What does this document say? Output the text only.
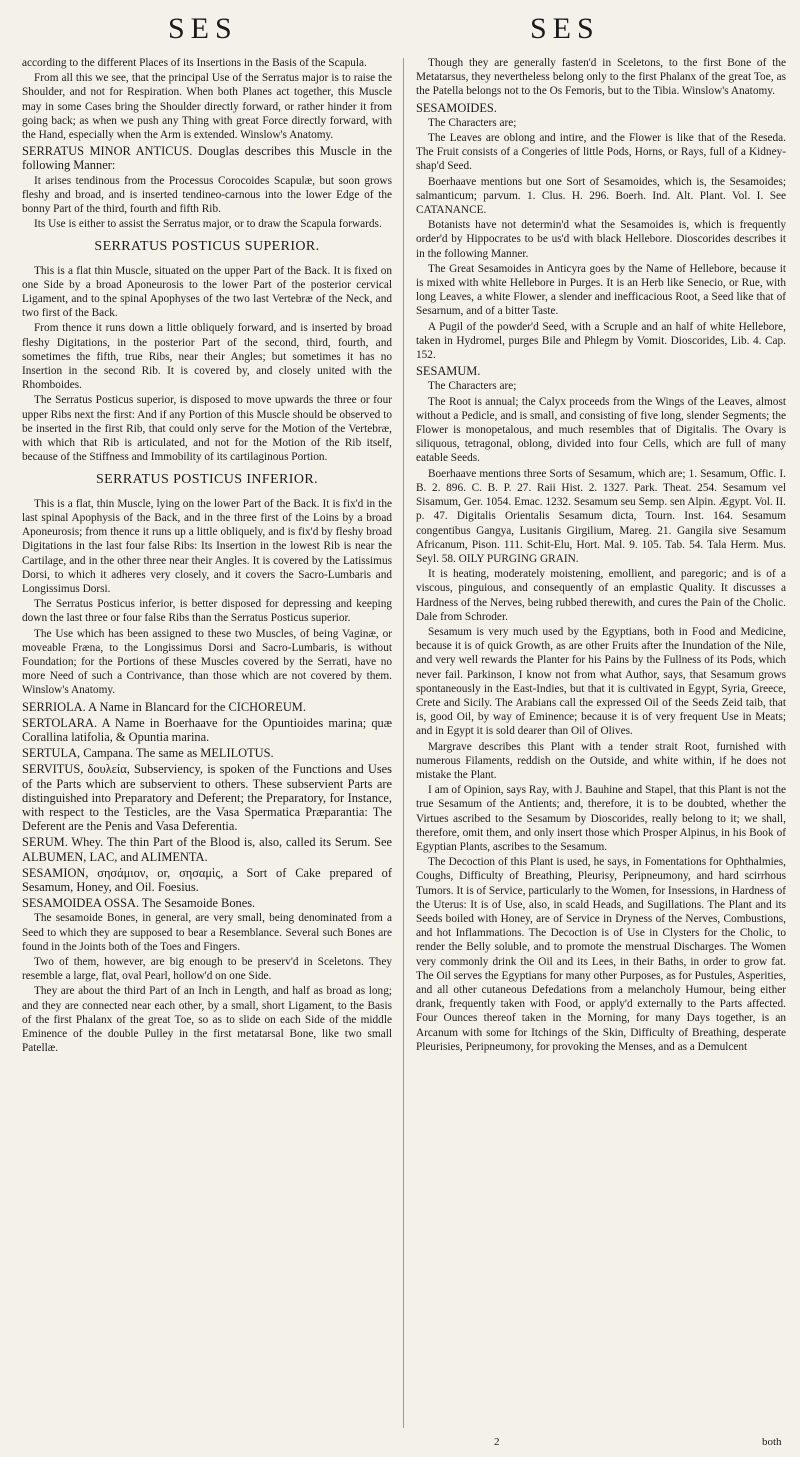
SES	SES

according to the different Places of its Insertions in the Basis of the Scapula.

From all this we see, that the principal Use of the Serratus major is to raise the Shoulder, and not for Respiration. When both Planes act together, this Muscle may in some Cases bring the Shoulder directly forward, or rather hinder it from going back; as when we push any Thing with great Force directly forward, with the Hand, especially when the Arm is extended. Winslow's Anatomy.

SERRATUS MINOR ANTICUS. Douglas describes this Muscle in the following Manner:

It arises tendinous from the Processus Corocoides Scapulæ, but soon grows fleshy and broad, and is inserted tendineo-carnous into the lower Edge of the bonny Part of the third, fourth and fifth Rib.

Its Use is either to assist the Serratus major, or to draw the Scapula forwards.

SERRATUS POSTICUS SUPERIOR.

This is a flat thin Muscle, situated on the upper Part of the Back. It is fixed on one Side by a broad Aponeurosis to the lower Part of the posterior cervical Ligament, and to the spinal Apophyses of the two last Vertebræ of the Neck, and two first of the Back.

From thence it runs down a little obliquely forward, and is inserted by broad fleshy Digitations, in the posterior Part of the second, third, fourth, and sometimes the fifth, true Ribs, near their Angles; but sometimes it has no Insertion in the second Rib. It is covered by, and closely united with the Rhomboides.

The Serratus Posticus superior, is disposed to move upwards the three or four upper Ribs next the first: And if any Portion of this Muscle should be observed to be inserted in the first Rib, that could only serve for the Motion of the Vertebræ, with which that Rib is articulated, and not for the Motion of the Rib itself, because of the Stiffness and Immobility of its cartilaginous Portion.

SERRATUS POSTICUS INFERIOR.

This is a flat, thin Muscle, lying on the lower Part of the Back. It is fix'd in the last spinal Apophysis of the Back, and in the three first of the Loins by a broad Aponeurosis; from thence it runs up a little obliquely, and is fix'd by fleshy broad Digitations in the last four false Ribs: Its Insertion in the lowest Rib is near the Cartilage, and in the other three near their Angles. It is covered by the Latissimus Dorsi, to which it adheres very closely, and it covers the Sacro-Lumbaris and Longissimus Dorsi.

The Serratus Posticus inferior, is better disposed for depressing and keeping down the last three or four false Ribs than the Serratus Posticus superior.

The Use which has been assigned to these two Muscles, of being Vaginæ, or moveable Fræna, to the Longissimus Dorsi and Sacro-Lumbaris, is without Foundation; for the Portions of these Muscles covered by the Serrati, have no more Need of such a Contrivance, than those which are not covered by them. Winslow's Anatomy.

SERRIOLA. A Name in Blancard for the CICHOREUM.

SERTOLARA. A Name in Boerhaave for the Opuntioides marina; quæ Corallina latifolia, & Opuntia marina.

SERTULA, Campana. The same as MELILOTUS.

SERVITUS, δουλεία, Subserviency, is spoken of the Functions and Uses of the Parts which are subservient to others. These subservient Parts are distinguished into Preparatory and Deferent; the Preparatory, for Instance, with respect to the Testicles, are the Vasa Spermatica Præparantia: The Deferent are the Penis and Vasa Deferentia.

SERUM. Whey. The thin Part of the Blood is, also, called its Serum. See ALBUMEN, LAC, and ALIMENTA.

SESAMION, σησάμιον, or, σησαμὶς, a Sort of Cake prepared of Sesamum, Honey, and Oil. Foesius.

SESAMOIDEA OSSA. The Sesamoide Bones.

The sesamoide Bones, in general, are very small, being denominated from a Seed to which they are supposed to bear a Resemblance. Several such Bones are found in the Joints both of the Toes and Fingers.

Two of them, however, are big enough to be preserv'd in Sceletons. They resemble a large, flat, oval Pearl, hollow'd on one Side.

They are about the third Part of an Inch in Length, and half as broad as long; and they are connected near each other, by a small, short Ligament, to the Basis of the first Phalanx of the great Toe, so as to slide on each Side of the middle Eminence of the double Pulley in the first metatarsal Bone, like two small Patellæ.

Though they are generally fasten'd in Sceletons, to the first Bone of the Metatarsus, they nevertheless belong only to the first Phalanx of the great Toe, as the Patella belongs not to the Os Femoris, but to the Tibia. Winslow's Anatomy.

SESAMOIDES.

The Characters are;

The Leaves are oblong and intire, and the Flower is like that of the Reseda. The Fruit consists of a Congeries of little Pods, Horns, or Rays, full of a Kidney-shap'd Seed.

Boerhaave mentions but one Sort of Sesamoides, which is, the Sesamoides; salmanticum; parvum. 1. Clus. H. 296. Boerh. Ind. Alt. Plant. Vol. I. See CATANANCE.

Botanists have not determin'd what the Sesamoides is, which is frequently order'd by Hippocrates to be us'd with black Hellebore. Dioscorides describes it in the following Manner.

The Great Sesamoides in Anticyra goes by the Name of Hellebore, because it is mixed with white Hellebore in Purges. It is an Herb like Senecio, or Rue, with long Leaves, a white Flower, a slender and inefficacious Root, a Seed like that of Sesarnum, and of a bitter Taste.

A Pugil of the powder'd Seed, with a Scruple and an half of white Hellebore, taken in Hydromel, purges Bile and Phlegm by Vomit. Dioscorides, Lib. 4. Cap. 152.

SESAMUM.

The Characters are;

The Root is annual; the Calyx proceeds from the Wings of the Leaves, almost without a Pedicle, and is small, and consisting of five long, slender Segments; the Flower is monopetalous, and much resembles that of Digitalis. The Ovary is siliquous, tetragonal, oblong, divided into four Cells, which are full of many eatable Seeds.

Boerhaave mentions three Sorts of Sesamum, which are; 1. Sesamum, Offic. I. B. 2. 896. C. B. P. 27. Raii Hist. 2. 1327. Park. Theat. 254. Sesamum vel Sisamum, Ger. 1054. Emac. 1232. Sesamum seu Semp. sen Alpin. Ægypt. Vol. II. p. 47. Digitalis Orientalis Sesamum dicta, Tourn. Inst. 164. Sesamum congentibus Gangya, Lusitanis Girgilium, Mareg. 21. Gangila sive Sesamum Africanum, Pison. 111. Schit-Elu, Hort. Mal. 9. 105. Tab. 54. Tala Herm. Mus. Seyl. 58. OILY PURGING GRAIN.

It is heating, moderately moistening, emollient, and paregoric; and is of a viscous, pinguious, and consequently of an emplastic Quality. It discusses a Hardness of the Nerves, being rubbed therewith, and cures the Pain of the Cholic. Dale from Schroder.

Sesamum is very much used by the Egyptians, both in Food and Medicine, because it is of quick Growth, as are other Fruits after the Inundation of the Nile, and very well rewards the Planter for his Pains by the Fullness of its Pods, which never fail. Parkinson, I know not from what Author, says, that Sesamum grows spontaneously in the East-Indies, but that it is cultivated in Egypt, Syria, Greece, Crete and Sicily. The Arabians call the expressed Oil of the Seeds Zeid taib, that is, good Oil, by way of Eminence; because it is of very frequent Use in Meats; and in Egypt it is sold dearer than Oil of Olives.

Margrave describes this Plant with a tender strait Root, furnished with numerous Filaments, reddish on the Outside, and white within, if he does not mistake the Plant.

I am of Opinion, says Ray, with J. Bauhine and Stapel, that this Plant is not the true Sesamum of the Antients; and, therefore, it is to be doubted, whether the Virtues ascribed to the Sesamum by Dioscorides, really belong to it; we shall, therefore, omit them, and only insert those which Prosper Alpinus, in his Book of Egyptian Plants, ascribes to the Sesamum.

The Decoction of this Plant is used, he says, in Fomentations for Ophthalmies, Coughs, Difficulty of Breathing, Pleurisy, Peripneumony, and hard scirrhous Tumors. It is of Service, particularly to the Women, for Insessions, in Hardness of the Uterus: It is of Use, also, in scald Heads, and Sugillations. The Plant and its Seeds boiled with Honey, are of Service in Dryness of the Nerves, Combustions, and hot Inflammations. The Decoction is of Use in Clysters for the Cholic, to render the Belly soluble, and to promote the menstrual Discharges. The Women very commonly drink the Oil and its Lees, in their Baths, in order to grow fat. The Oil serves the Egyptians for many other Purposes, as for Pustules, Asperities, and all other cutaneous Defedations from a melancholy Humour, being either drank, frequently taken with Food, or apply'd externally to the Parts affected. Four Ounces thereof taken in the Morning, for many Days together, is an Arcanum with some for Itchings of the Skin, Difficulty of Breathing, desperate Pleurisies, Peripneumony, for provoking the Menses, and as a Demulcent

2	both
